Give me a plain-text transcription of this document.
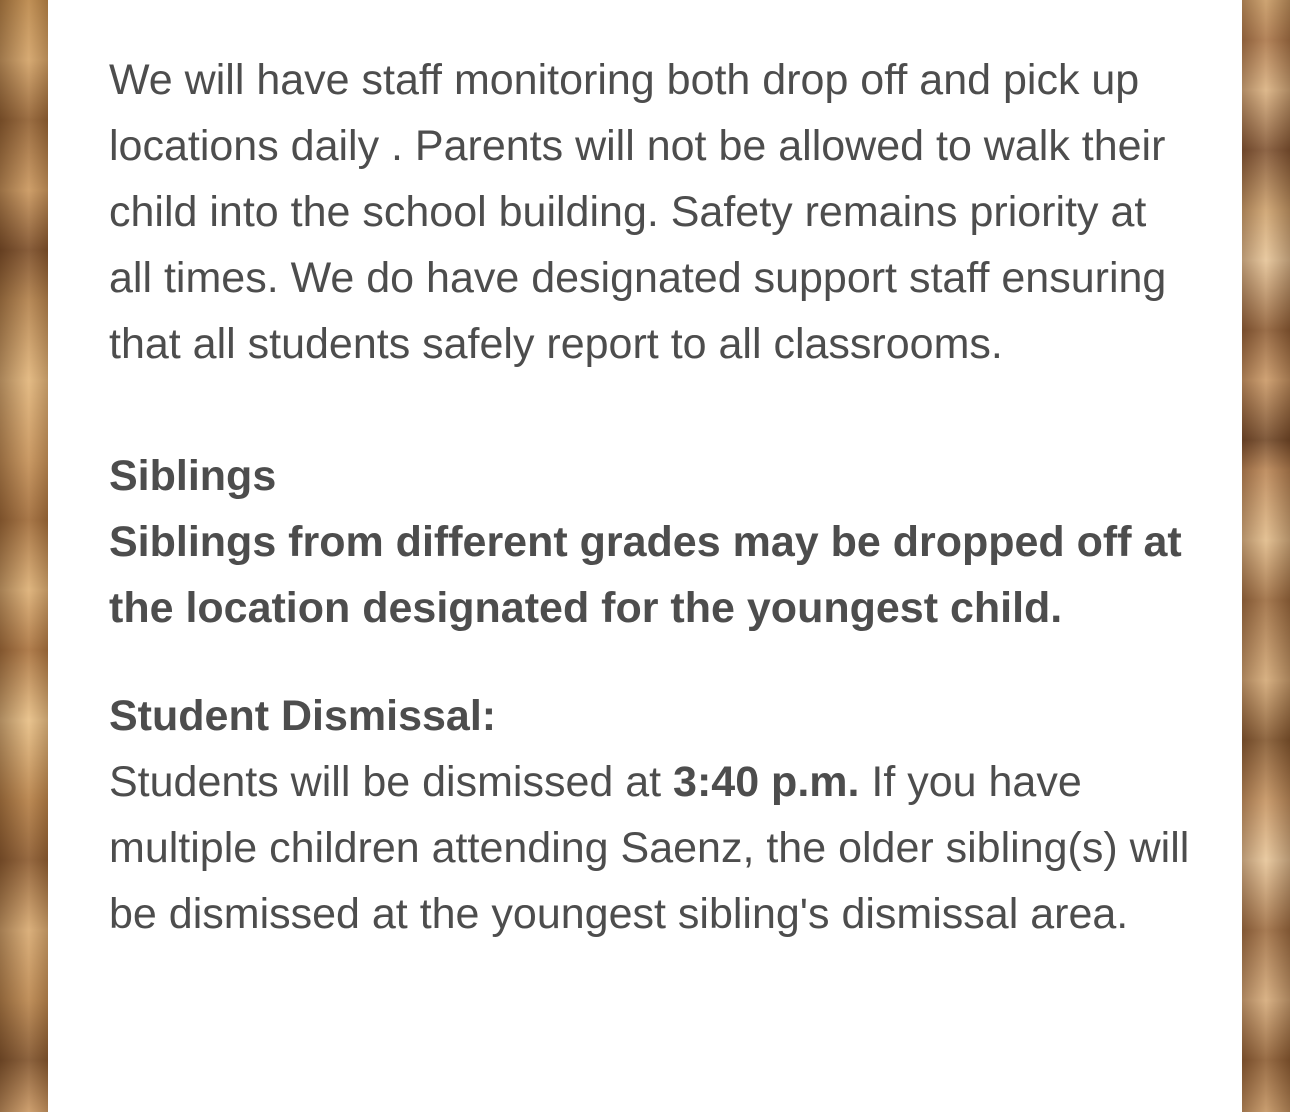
We will have staff monitoring both drop off and pick up locations daily . Parents will not be allowed to walk their child into the school building. Safety remains priority at all times. We do have designated support staff ensuring that all students safely report to all classrooms.

Siblings

Siblings from different grades may be dropped off at the location designated for the youngest child.

Student Dismissal:

Students will be dismissed at 3:40 p.m. If you have multiple children attending Saenz, the older sibling(s) will be dismissed at the youngest sibling's dismissal area.
